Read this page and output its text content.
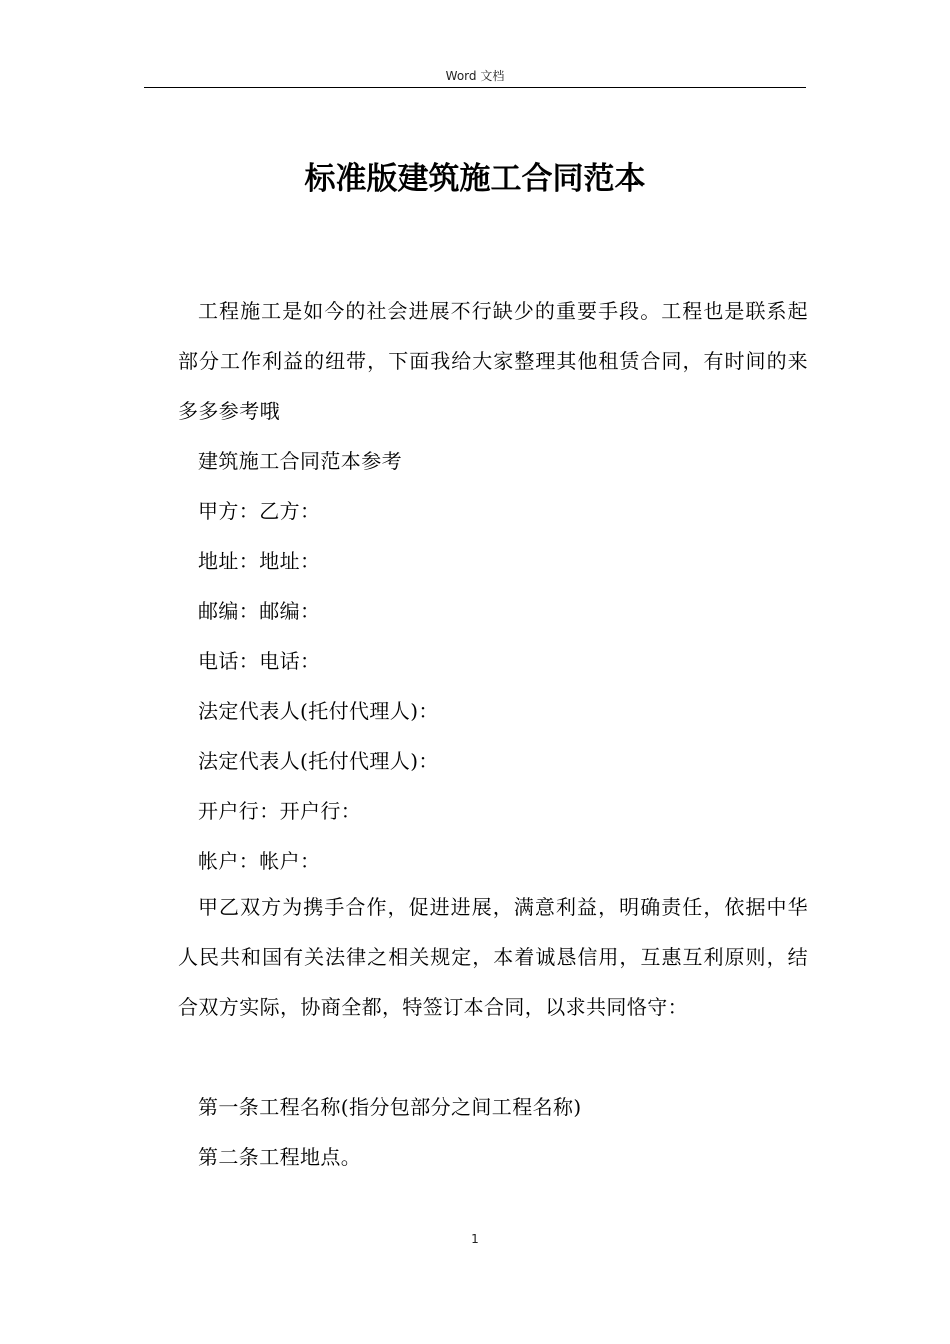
Word 文档
标准版建筑施工合同范本

工程施工是如今的社会进展不行缺少的重要手段。工程也是联系起部分工作利益的纽带，下面我给大家整理其他租赁合同，有时间的来多多参考哦

建筑施工合同范本参考

甲方：乙方：

地址：地址：

邮编：邮编：

电话：电话：

法定代表人(托付代理人)：

法定代表人(托付代理人)：

开户行：开户行：

帐户：帐户：

甲乙双方为携手合作，促进进展，满意利益，明确责任，依据中华人民共和国有关法律之相关规定，本着诚恳信用，互惠互利原则，结合双方实际，协商全都，特签订本合同，以求共同恪守：

第一条工程名称(指分包部分之间工程名称)

第二条工程地点。

1
